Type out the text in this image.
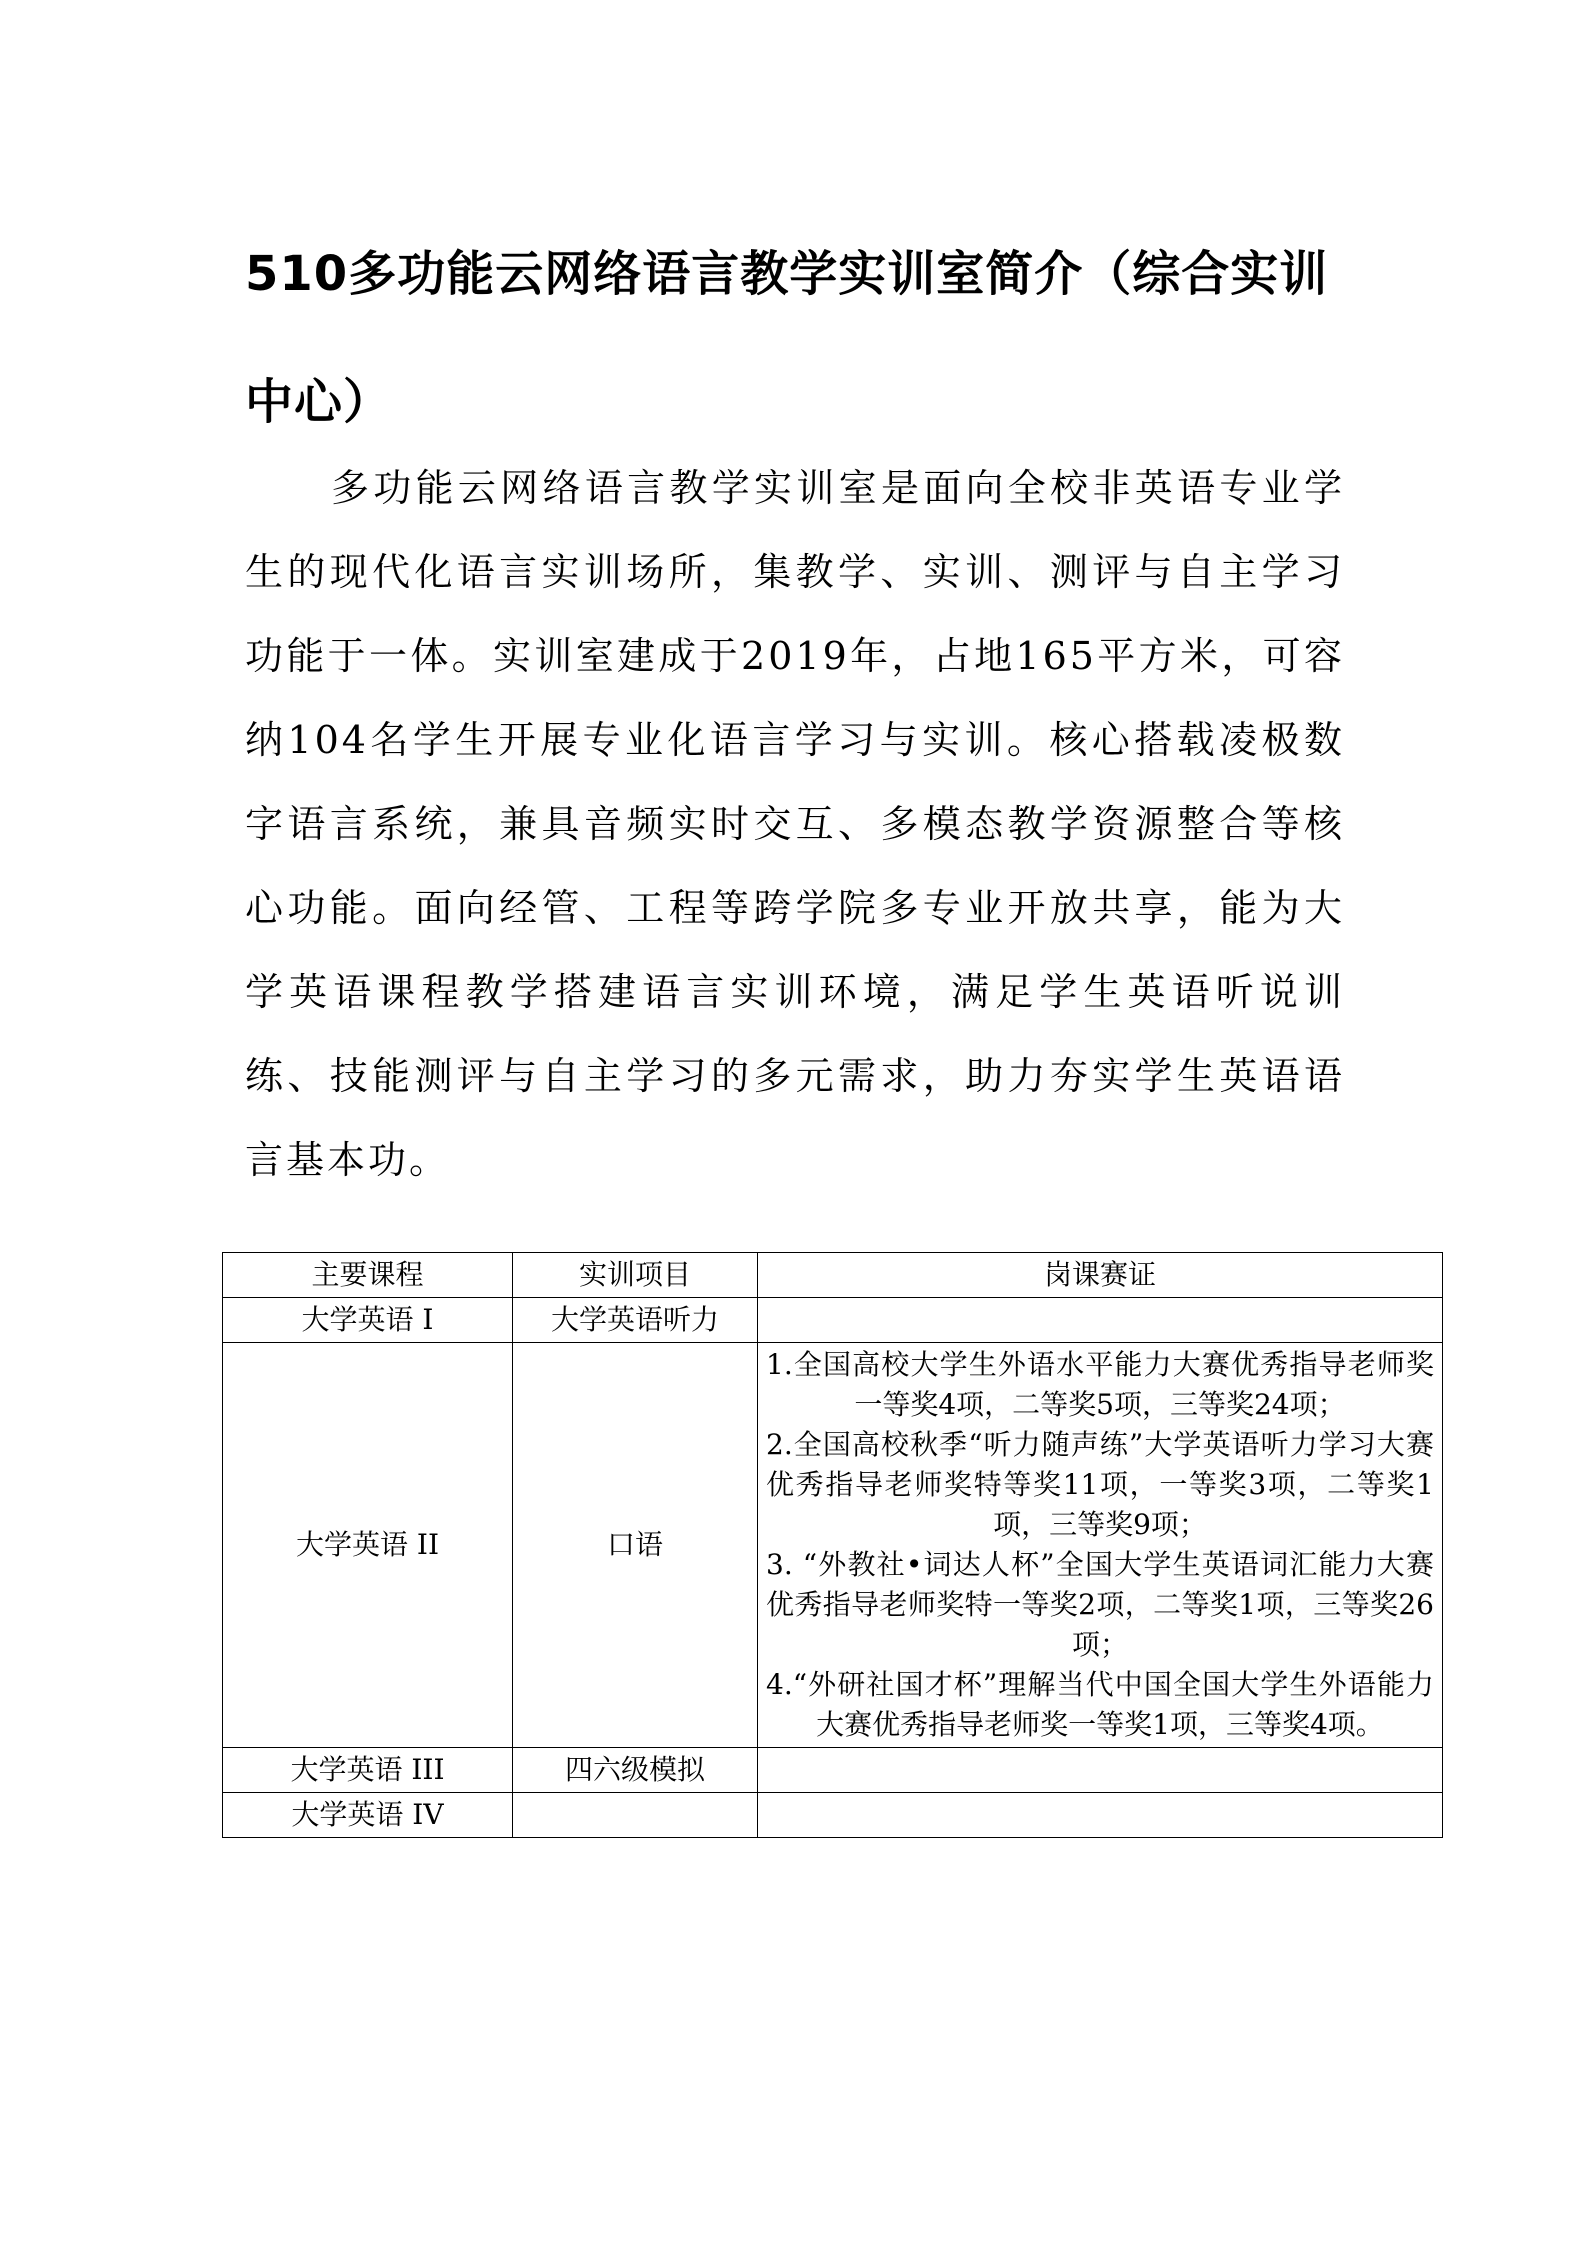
510多功能云网络语言教学实训室简介（综合实训中心）

多功能云网络语言教学实训室是面向全校非英语专业学生的现代化语言实训场所，集教学、实训、测评与自主学习功能于一体。实训室建成于2019年，占地165平方米，可容纳104名学生开展专业化语言学习与实训。核心搭载凌极数字语言系统，兼具音频实时交互、多模态教学资源整合等核心功能。面向经管、工程等跨学院多专业开放共享，能为大学英语课程教学搭建语言实训环境，满足学生英语听说训练、技能测评与自主学习的多元需求，助力夯实学生英语语言基本功。

主要课程	实训项目	岗课赛证
大学英语 I	大学英语听力	
大学英语 II	口语	1.全国高校大学生外语水平能力大赛优秀指导老师奖一等奖4项，二等奖5项，三等奖24项；
2.全国高校秋季“听力随声练”大学英语听力学习大赛优秀指导老师奖特等奖11项，一等奖3项，二等奖1项，三等奖9项；
3. “外教社•词达人杯”全国大学生英语词汇能力大赛优秀指导老师奖特一等奖2项，二等奖1项，三等奖26项；
4.“外研社国才杯”理解当代中国全国大学生外语能力大赛优秀指导老师奖一等奖1项，三等奖4项。

大学英语 III	四六级模拟	
大学英语 IV		
